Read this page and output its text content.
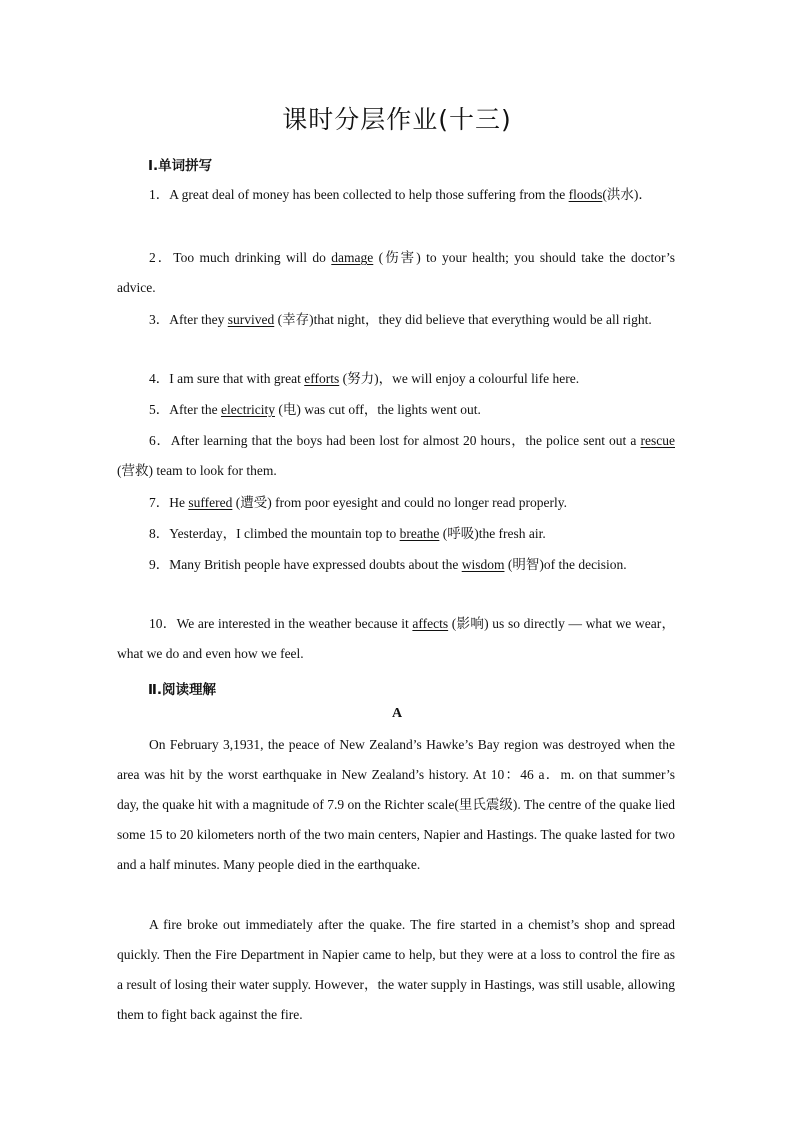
课时分层作业(十三)
Ⅰ.单词拼写
1．A great deal of money has been collected to help those suffering from the floods(洪水)．
2．Too much drinking will do damage (伤害) to your health; you should take the doctor’s advice.
3．After they survived (幸存)that night，they did believe that everything would be all right.
4．I am sure that with great efforts (努力)，we will enjoy a colourful life here.
5．After the electricity (电) was cut off，the lights went out.
6．After learning that the boys had been lost for almost 20 hours，the police sent out a rescue (营救) team to look for them.
7．He suffered (遭受) from poor eyesight and could no longer read properly.
8．Yesterday，I climbed the mountain top to breathe (呼吸)the fresh air.
9．Many British people have expressed doubts about the wisdom (明智)of the decision.
10．We are interested in the weather because it affects (影响) us so directly — what we wear，what we do and even how we feel.
Ⅱ.阅读理解
A
On February 3,1931, the peace of New Zealand’s Hawke’s Bay region was destroyed when the area was hit by the worst earthquake in New Zealand’s history. At 10：46 a．m. on that summer’s day, the quake hit with a magnitude of 7.9 on the Richter scale(里氏震级). The centre of the quake lied some 15 to 20 kilometers north of the two main centers, Napier and Hastings. The quake lasted for two and a half minutes. Many people died in the earthquake.
A fire broke out immediately after the quake. The fire started in a chemist’s shop and spread quickly. Then the Fire Department in Napier came to help, but they were at a loss to control the fire as a result of losing their water supply. However，the water supply in Hastings, was still usable, allowing them to fight back against the fire.
